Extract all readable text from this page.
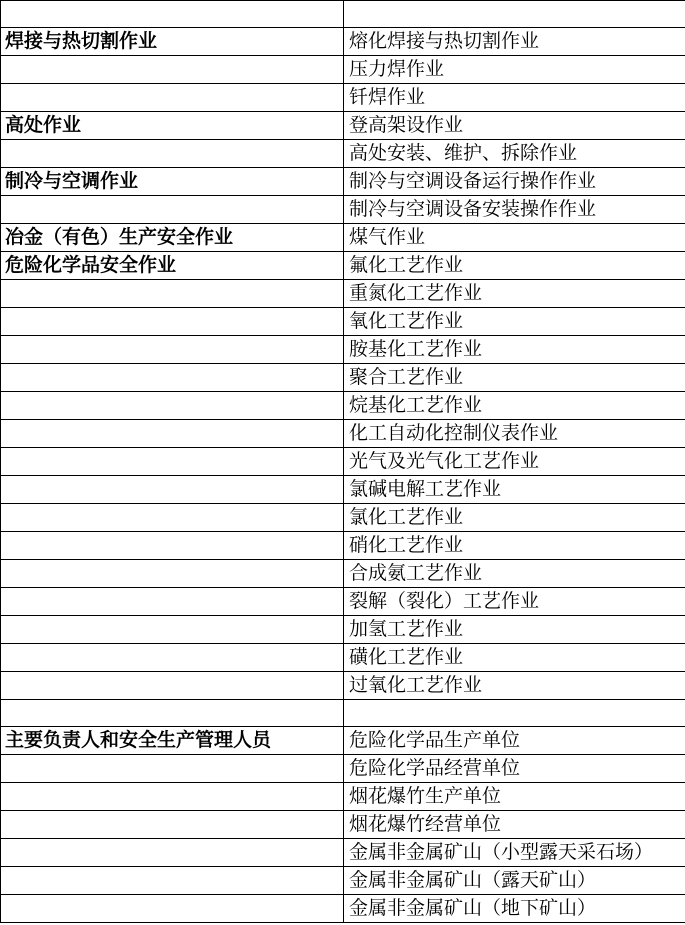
焊接与热切割作业	熔化焊接与热切割作业
	压力焊作业
	钎焊作业
高处作业	登高架设作业
	高处安装、维护、拆除作业
制冷与空调作业	制冷与空调设备运行操作作业
	制冷与空调设备安装操作作业
冶金（有色）生产安全作业	煤气作业
危险化学品安全作业	氟化工艺作业
	重氮化工艺作业
	氧化工艺作业
	胺基化工艺作业
	聚合工艺作业
	烷基化工艺作业
	化工自动化控制仪表作业
	光气及光气化工艺作业
	氯碱电解工艺作业
	氯化工艺作业
	硝化工艺作业
	合成氨工艺作业
	裂解（裂化）工艺作业
	加氢工艺作业
	磺化工艺作业
	过氧化工艺作业

主要负责人和安全生产管理人员	危险化学品生产单位
	危险化学品经营单位
	烟花爆竹生产单位
	烟花爆竹经营单位
	金属非金属矿山（小型露天采石场）
	金属非金属矿山（露天矿山）
	金属非金属矿山（地下矿山）
